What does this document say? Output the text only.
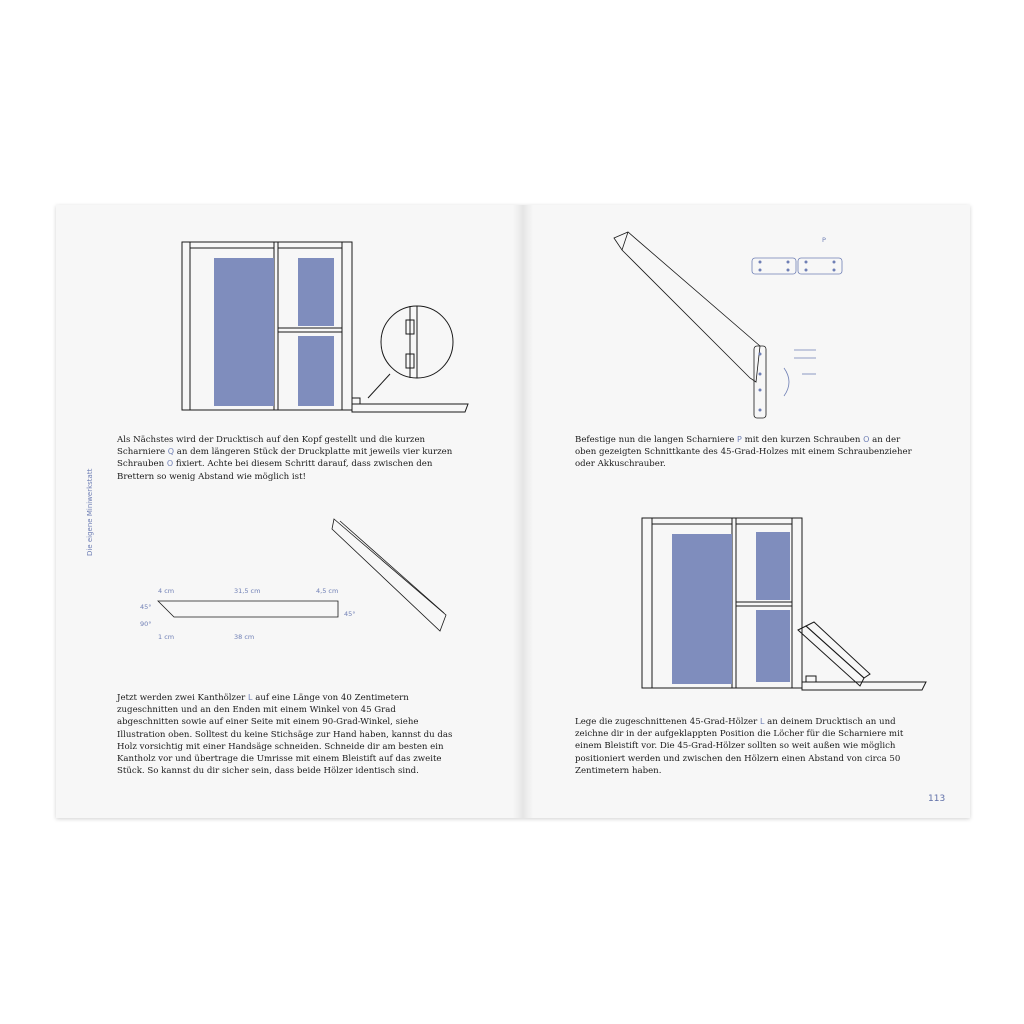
Als Nächstes wird der Drucktisch auf den Kopf gestellt und die kurzen Scharniere Q an dem längeren Stück der Druckplatte mit jeweils vier kurzen Schrauben O fixiert. Achte bei diesem Schritt darauf, dass zwischen den Brettern so wenig Abstand wie möglich ist!

4 cm	31,5 cm	4,5 cm
45°
90°
45°
1 cm	38 cm

Jetzt werden zwei Kanthölzer L auf eine Länge von 40 Zentimetern zugeschnitten und an den Enden mit einem Winkel von 45 Grad abgeschnitten sowie auf einer Seite mit einem 90-Grad-Winkel, siehe Illustration oben. Solltest du keine Stichsäge zur Hand haben, kannst du das Holz vorsichtig mit einer Handsäge schneiden. Schneide dir am besten ein Kantholz vor und übertrage die Umrisse mit einem Bleistift auf das zweite Stück. So kannst du dir sicher sein, dass beide Hölzer identisch sind.

Die eigene Miniwerkstatt
P

Befestige nun die langen Scharniere P mit den kurzen Schrauben O an der oben gezeigten Schnittkante des 45-Grad-Holzes mit einem Schraubenzieher oder Akkuschrauber.

Lege die zugeschnittenen 45-Grad-Hölzer L an deinem Drucktisch an und zeichne dir in der aufgeklappten Position die Löcher für die Scharniere mit einem Bleistift vor. Die 45-Grad-Hölzer sollten so weit außen wie möglich positioniert werden und zwischen den Hölzern einen Abstand von circa 50 Zentimetern haben.

113
